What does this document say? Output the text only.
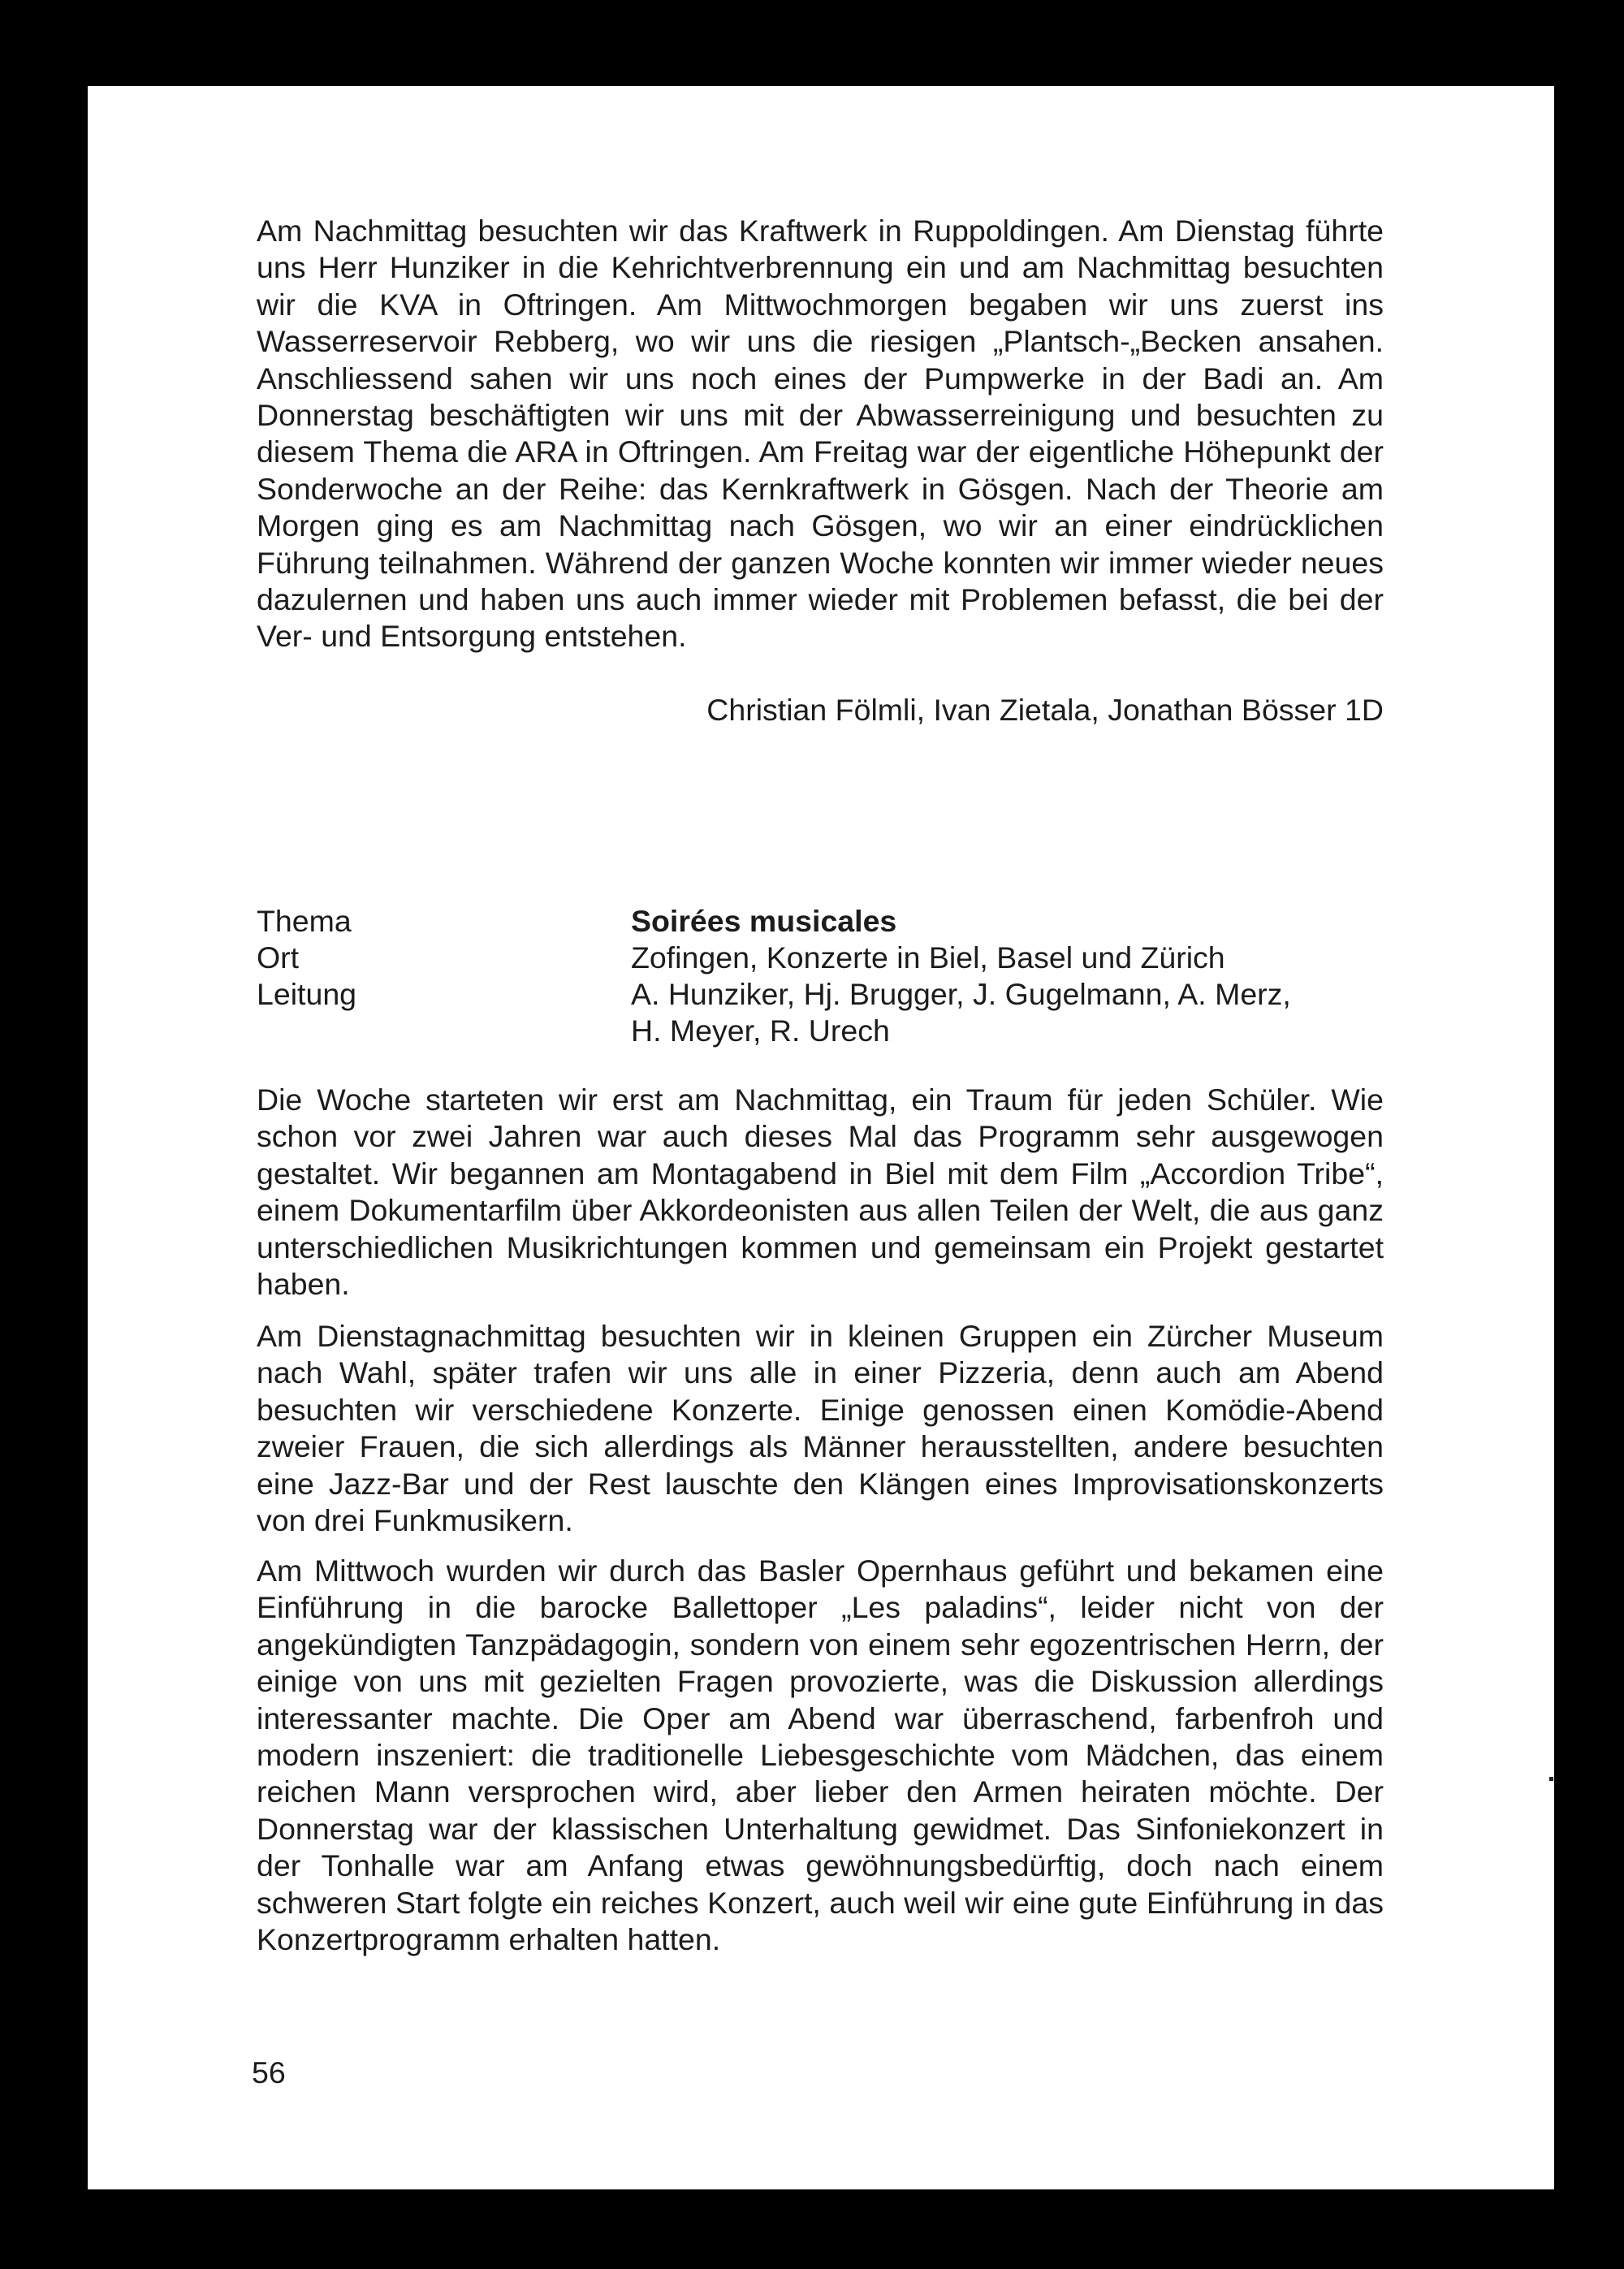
Am Nachmittag besuchten wir das Kraftwerk in Ruppoldingen. Am Dienstag führte uns Herr Hunziker in die Kehrichtverbrennung ein und am Nachmittag besuchten wir die KVA in Oftringen. Am Mittwochmorgen begaben wir uns zuerst ins Wasserreservoir Rebberg, wo wir uns die riesigen „Plantsch-„Becken ansahen. Anschliessend sahen wir uns noch eines der Pumpwerke in der Badi an. Am Donnerstag beschäftigten wir uns mit der Abwasserreinigung und besuchten zu diesem Thema die ARA in Oftringen. Am Freitag war der eigentliche Höhepunkt der Sonderwoche an der Reihe: das Kernkraftwerk in Gösgen. Nach der Theorie am Morgen ging es am Nachmittag nach Gösgen, wo wir an einer eindrücklichen Führung teilnahmen. Während der ganzen Woche konnten wir immer wieder neues dazulernen und haben uns auch immer wieder mit Problemen befasst, die bei der Ver- und Entsorgung entstehen.

Christian Fölmli, Ivan Zietala, Jonathan Bösser 1D
Thema	Soirées musicales
Ort	Zofingen, Konzerte in Biel, Basel und Zürich
Leitung	A. Hunziker, Hj. Brugger, J. Gugelmann, A. Merz,
H. Meyer, R. Urech

Die Woche starteten wir erst am Nachmittag, ein Traum für jeden Schüler. Wie schon vor zwei Jahren war auch dieses Mal das Programm sehr ausgewogen gestaltet. Wir begannen am Montagabend in Biel mit dem Film „Accordion Tribe“, einem Dokumentarfilm über Akkordeonisten aus allen Teilen der Welt, die aus ganz unterschiedlichen Musikrichtungen kommen und gemeinsam ein Projekt gestartet haben.

Am Dienstagnachmittag besuchten wir in kleinen Gruppen ein Zürcher Museum nach Wahl, später trafen wir uns alle in einer Pizzeria, denn auch am Abend besuchten wir verschiedene Konzerte. Einige genossen einen Komödie-Abend zweier Frauen, die sich allerdings als Männer herausstellten, andere besuchten eine Jazz-Bar und der Rest lauschte den Klängen eines Improvisationskonzerts von drei Funkmusikern.

Am Mittwoch wurden wir durch das Basler Opernhaus geführt und bekamen eine Einführung in die barocke Ballettoper „Les paladins“, leider nicht von der angekündigten Tanzpädagogin, sondern von einem sehr egozentrischen Herrn, der einige von uns mit gezielten Fragen provozierte, was die Diskussion allerdings interessanter machte. Die Oper am Abend war überraschend, farbenfroh und modern inszeniert: die traditionelle Liebesgeschichte vom Mädchen, das einem reichen Mann versprochen wird, aber lieber den Armen heiraten möchte. Der Donnerstag war der klassischen Unterhaltung gewidmet. Das Sinfoniekonzert in der Tonhalle war am Anfang etwas gewöhnungsbedürftig, doch nach einem schweren Start folgte ein reiches Konzert, auch weil wir eine gute Einführung in das Konzertprogramm erhalten hatten.

56
